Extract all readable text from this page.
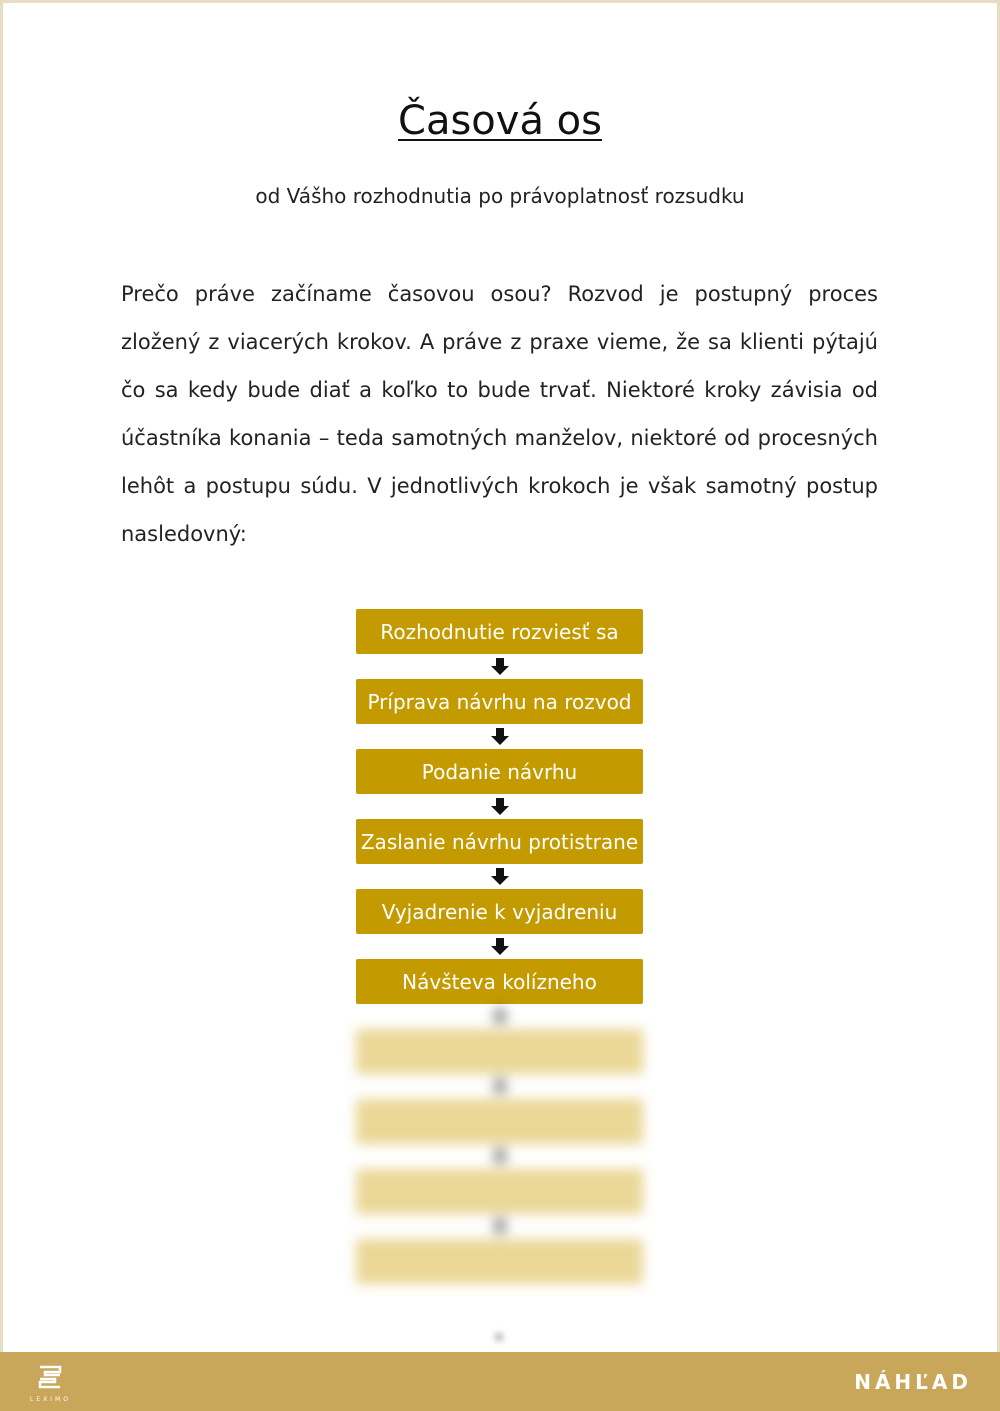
Časová os
od Vášho rozhodnutia po právoplatnosť rozsudku

Prečo práve začíname časovou osou? Rozvod je postupný proces zložený z viacerých krokov. A práve z praxe vieme, že sa klienti pýtajú čo sa kedy bude diať a koľko to bude trvať. Niektoré kroky závisia od účastníka konania – teda samotných manželov, niektoré od procesných lehôt a postupu súdu. V jednotlivých krokoch je však samotný postup nasledovný:

Rozhodnutie rozviesť sa
Príprava návrhu na rozvod
Podanie návrhu
Zaslanie návrhu protistrane
Vyjadrenie k vyjadreniu
Návšteva kolízneho
LEXIMO
NÁHĽAD
